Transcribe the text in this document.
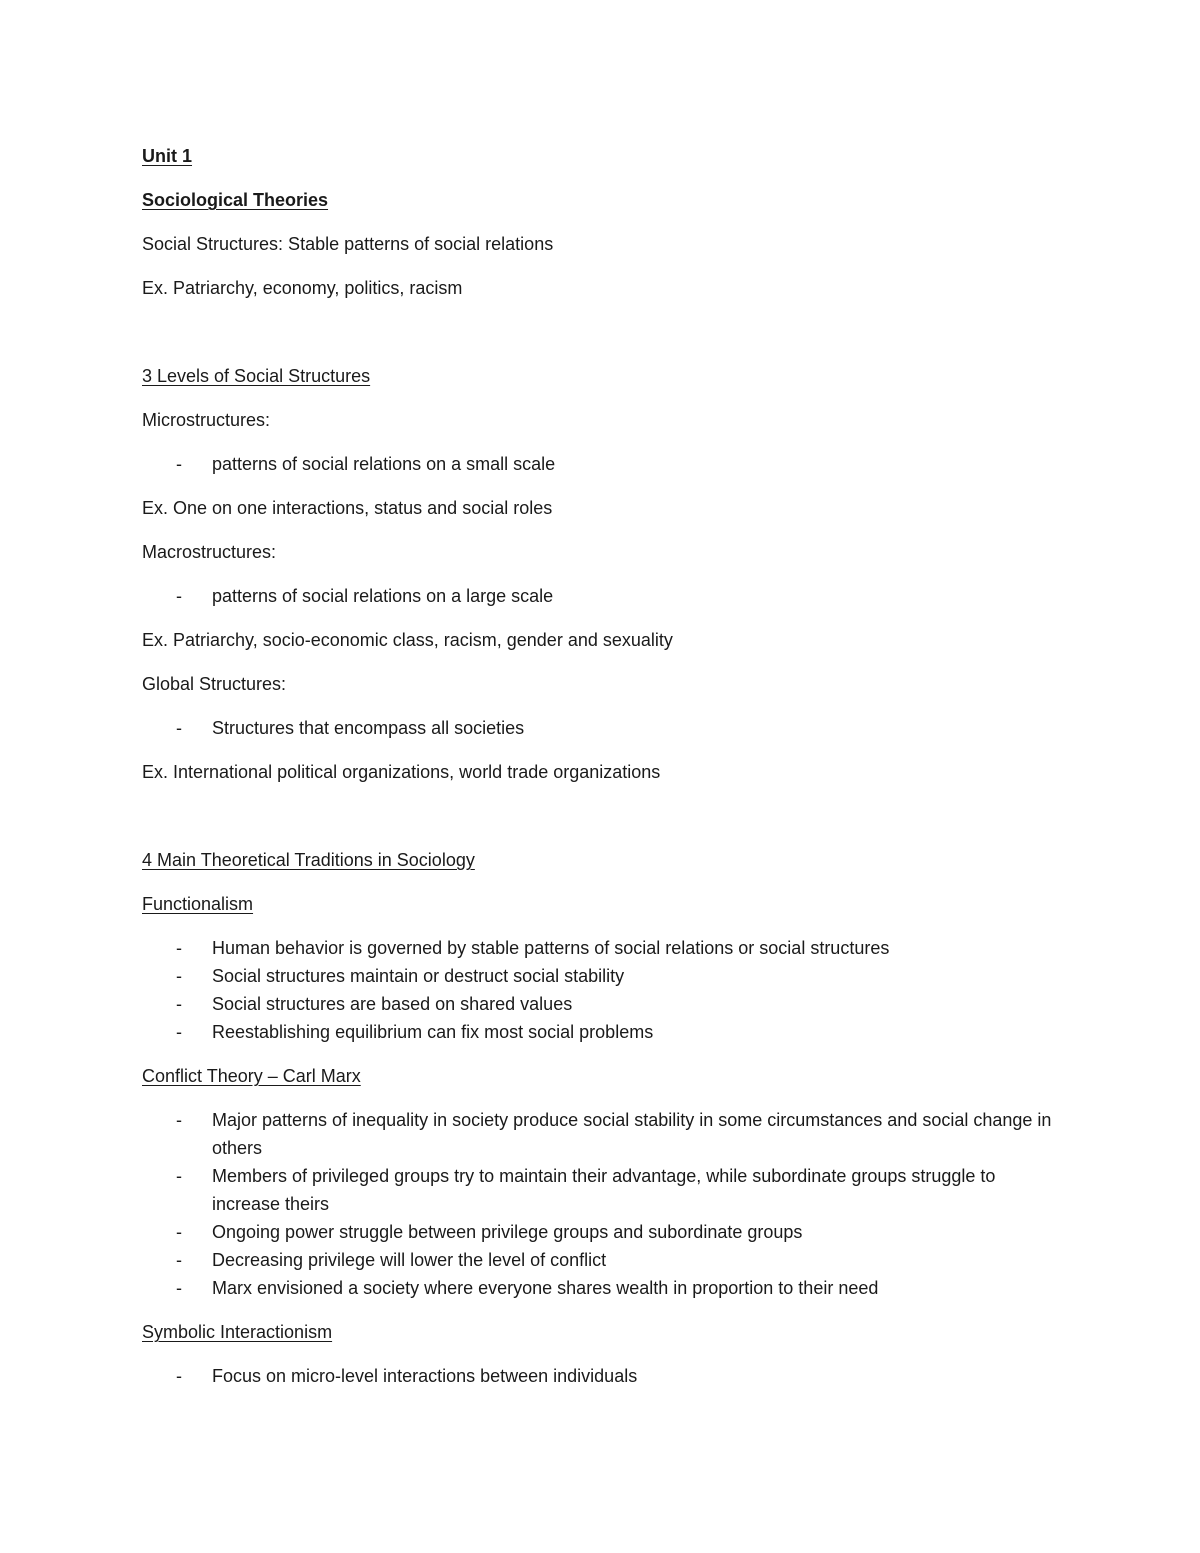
Unit 1

Sociological Theories

Social Structures: Stable patterns of social relations

Ex. Patriarchy, economy, politics, racism

3 Levels of Social Structures

Microstructures:

- patterns of social relations on a small scale

Ex. One on one interactions, status and social roles

Macrostructures:

- patterns of social relations on a large scale

Ex. Patriarchy, socio-economic class, racism, gender and sexuality

Global Structures:

- Structures that encompass all societies

Ex. International political organizations, world trade organizations

4 Main Theoretical Traditions in Sociology

Functionalism

- Human behavior is governed by stable patterns of social relations or social structures
- Social structures maintain or destruct social stability
- Social structures are based on shared values
- Reestablishing equilibrium can fix most social problems

Conflict Theory – Carl Marx

- Major patterns of inequality in society produce social stability in some circumstances and social change in others
- Members of privileged groups try to maintain their advantage, while subordinate groups struggle to increase theirs
- Ongoing power struggle between privilege groups and subordinate groups
- Decreasing privilege will lower the level of conflict
- Marx envisioned a society where everyone shares wealth in proportion to their need

Symbolic Interactionism

- Focus on micro-level interactions between individuals
